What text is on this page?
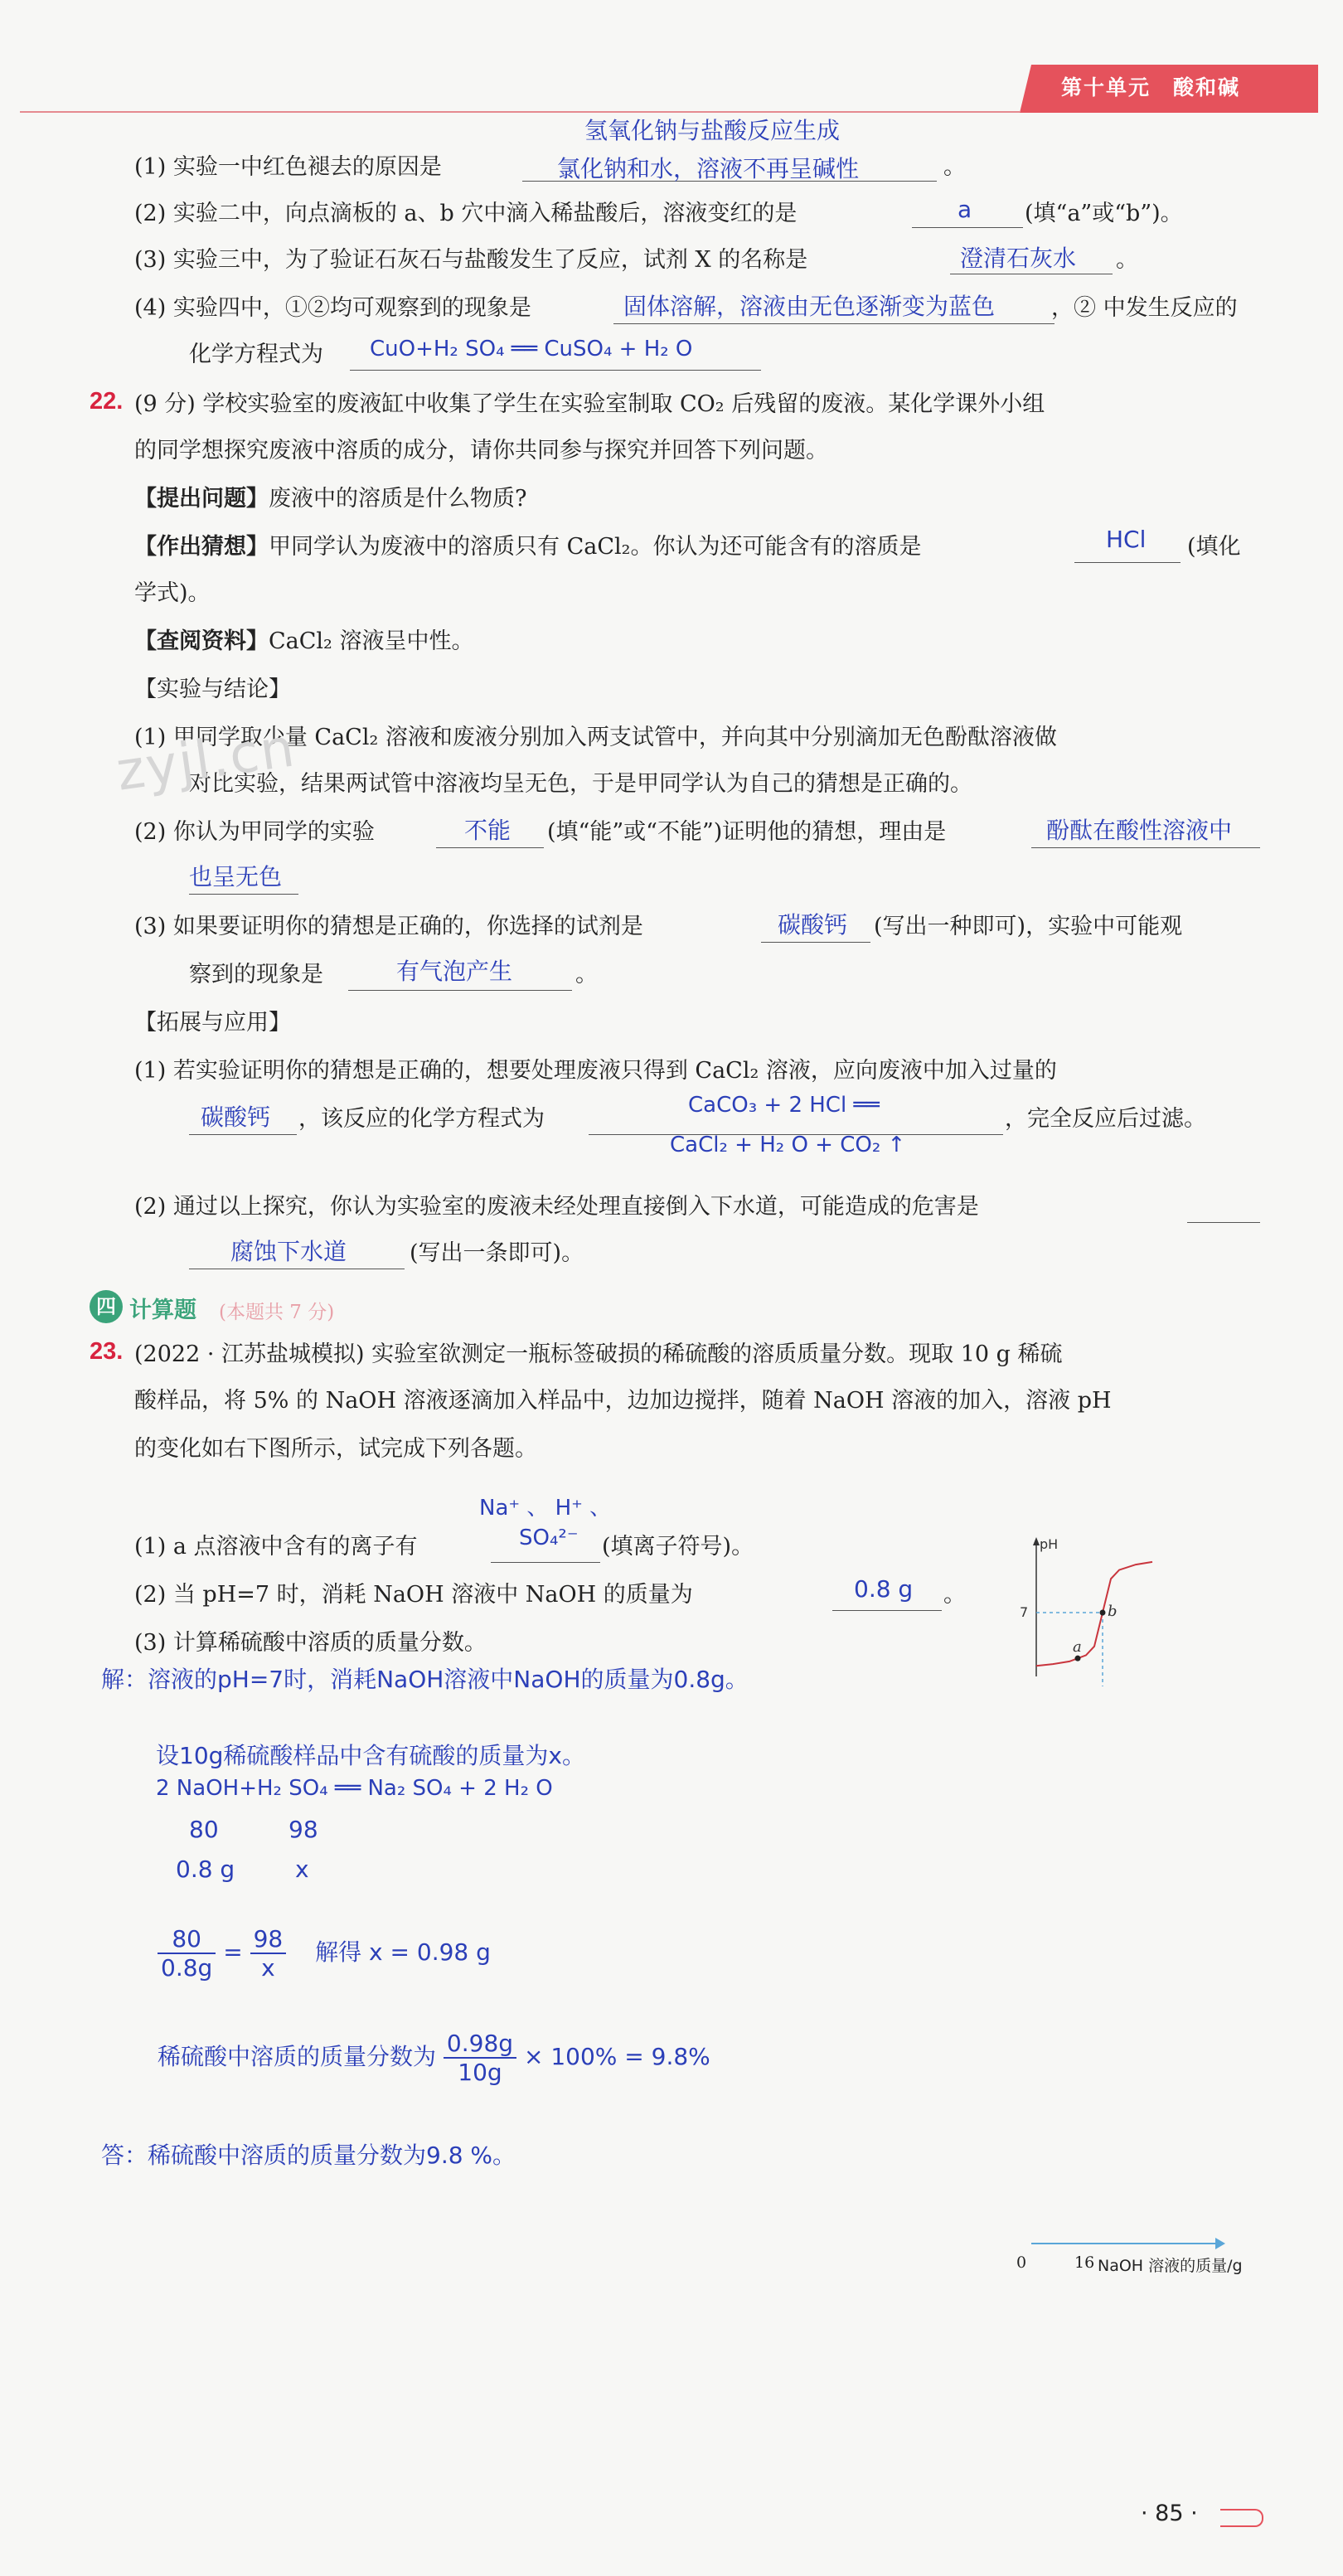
第十单元　酸和碱
氢氧化钠与盐酸反应生成
(1) 实验一中红色褪去的原因是	氯化钠和水，溶液不再呈碱性	。
(2) 实验二中，向点滴板的 a、b 穴中滴入稀盐酸后，溶液变红的是	a (填“a”或“b”)。
(3) 实验三中，为了验证石灰石与盐酸发生了反应，试剂 X 的名称是	澄清石灰水 。
(4) 实验四中，①②均可观察到的现象是	固体溶解，溶液由无色逐渐变为蓝色	，② 中发生反应的
化学方程式为 CuO+H₂ SO₄ ══ CuSO₄ + H₂ O
22. (9 分) 学校实验室的废液缸中收集了学生在实验室制取 CO₂ 后残留的废液。某化学课外小组
的同学想探究废液中溶质的成分，请你共同参与探究并回答下列问题。
【提出问题】废液中的溶质是什么物质?
【作出猜想】甲同学认为废液中的溶质只有 CaCl₂。你认为还可能含有的溶质是	HCl (填化
学式)。
【查阅资料】CaCl₂ 溶液呈中性。
【实验与结论】
(1) 甲同学取少量 CaCl₂ 溶液和废液分别加入两支试管中，并向其中分别滴加无色酚酞溶液做
对比实验，结果两试管中溶液均呈无色，于是甲同学认为自己的猜想是正确的。
zyjl.cn
(2) 你认为甲同学的实验	不能 (填“能”或“不能”)证明他的猜想，理由是	酚酞在酸性溶液中
也呈无色
(3) 如果要证明你的猜想是正确的，你选择的试剂是	碳酸钙 (写出一种即可)，实验中可能观
察到的现象是	有气泡产生	。
【拓展与应用】
(1) 若实验证明你的猜想是正确的，想要处理废液只得到 CaCl₂ 溶液，应向废液中加入过量的
碳酸钙 ，该反应的化学方程式为
CaCO₃ + 2 HCl ══
CaCl₂ + H₂ O + CO₂ ↑
，完全反应后过滤。
(2) 通过以上探究，你认为实验室的废液未经处理直接倒入下水道，可能造成的危害是
腐蚀下水道	(写出一条即可)。
四 计算题 (本题共 7 分)
23. (2022 · 江苏盐城模拟) 实验室欲测定一瓶标签破损的稀硫酸的溶质质量分数。现取 10 g 稀硫
酸样品，将 5% 的 NaOH 溶液逐滴加入样品中，边加边搅拌，随着 NaOH 溶液的加入，溶液 pH
的变化如右下图所示，试完成下列各题。
Na⁺ 、 H⁺ 、
(1) a 点溶液中含有的离子有	SO₄²⁻ (填离子符号)。
(2) 当 pH=7 时，消耗 NaOH 溶液中 NaOH 的质量为	0.8 g 。
(3) 计算稀硫酸中溶质的质量分数。
pH
7
a
b
0	16 NaOH 溶液的质量/g
解：溶液的pH=7时，消耗NaOH溶液中NaOH的质量为0.8g。
设10g稀硫酸样品中含有硫酸的质量为x。
2 NaOH+H₂ SO₄ ══ Na₂ SO₄ + 2 H₂ O
80	98
0.8 g	x
$\frac{80}{0.8g} = \frac{98}{x}$ 解得 x = 0.98 g
稀硫酸中溶质的质量分数为 $\frac{0.98g}{10g} \times 100\% = 9.8\%$
答：稀硫酸中溶质的质量分数为9.8 %。
· 85 ·
